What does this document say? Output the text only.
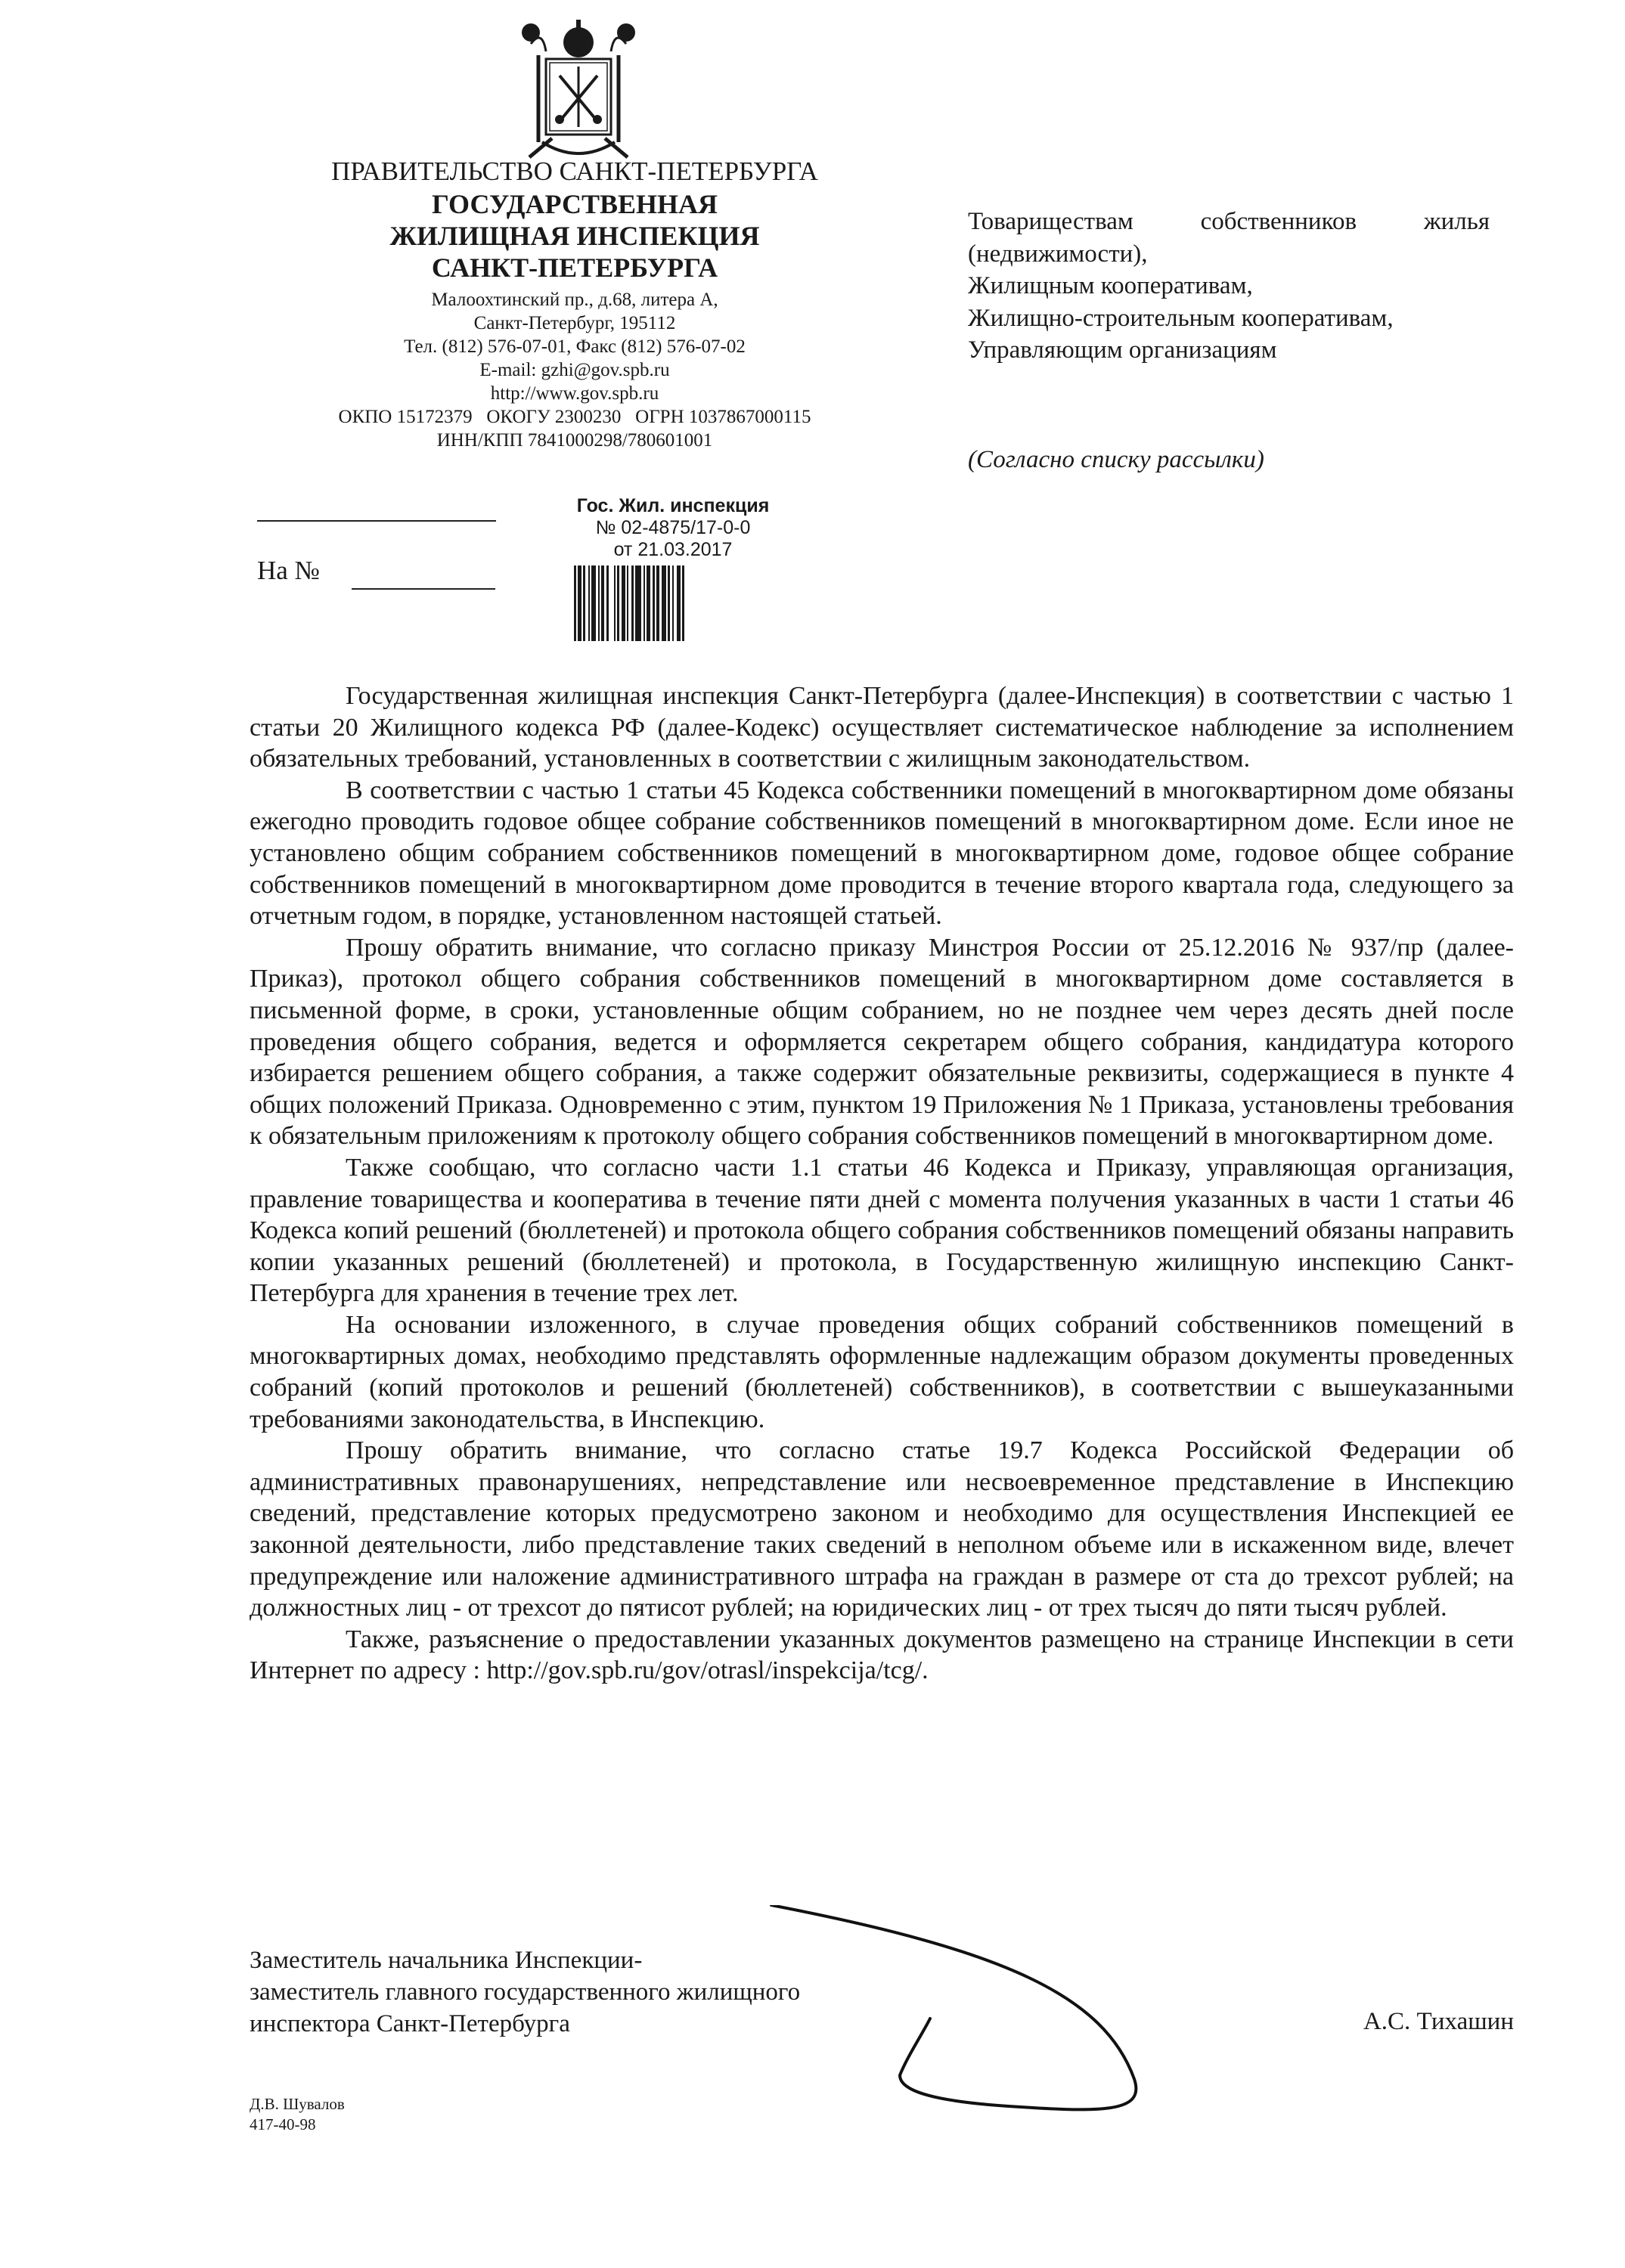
ПРАВИТЕЛЬСТВО САНКТ-ПЕТЕРБУРГА
ГОСУДАРСТВЕННАЯ
ЖИЛИЩНАЯ ИНСПЕКЦИЯ
САНКТ-ПЕТЕРБУРГА
Малоохтинский пр., д.68, литера А,
Санкт-Петербург, 195112
Тел. (812) 576-07-01, Факс (812) 576-07-02
E-mail: gzhi@gov.spb.ru
http://www.gov.spb.ru
ОКПО 15172379   ОКОГУ 2300230   ОГРН 1037867000115
ИНН/КПП 7841000298/780601001
Товариществам собственников жилья
(недвижимости),
Жилищным кооперативам,
Жилищно-строительным кооперативам,
Управляющим организациям
(Согласно списку рассылки)
На №
Гос. Жил. инспекция
№ 02-4875/17-0-0
от 21.03.2017

Государственная жилищная инспекция Санкт-Петербурга (далее-Инспекция) в соответствии с частью 1 статьи 20 Жилищного кодекса РФ (далее-Кодекс) осуществляет систематическое наблюдение за исполнением обязательных требований, установленных в соответствии с жилищным законодательством.

В соответствии с частью 1 статьи 45 Кодекса собственники помещений в многоквартирном доме обязаны ежегодно проводить годовое общее собрание собственников помещений в многоквартирном доме. Если иное не установлено общим собранием собственников помещений в многоквартирном доме, годовое общее собрание собственников помещений в многоквартирном доме проводится в течение второго квартала года, следующего за отчетным годом, в порядке, установленном настоящей статьей.

Прошу обратить внимание, что согласно приказу Минстроя России от 25.12.2016 № 937/пр (далее-Приказ), протокол общего собрания собственников помещений в многоквартирном доме составляется в письменной форме, в сроки, установленные общим собранием, но не позднее чем через десять дней после проведения общего собрания, ведется и оформляется секретарем общего собрания, кандидатура которого избирается решением общего собрания, а также содержит обязательные реквизиты, содержащиеся в пункте 4 общих положений Приказа. Одновременно с этим, пунктом 19 Приложения № 1 Приказа, установлены требования к обязательным приложениям к протоколу общего собрания собственников помещений в многоквартирном доме.

Также сообщаю, что согласно части 1.1 статьи 46 Кодекса и Приказу, управляющая организация, правление товарищества и кооператива в течение пяти дней с момента получения указанных в части 1 статьи 46 Кодекса копий решений (бюллетеней) и протокола общего собрания собственников помещений обязаны направить копии указанных решений (бюллетеней) и протокола, в Государственную жилищную инспекцию Санкт-Петербурга для хранения в течение трех лет.

На основании изложенного, в случае проведения общих собраний собственников помещений в многоквартирных домах, необходимо представлять оформленные надлежащим образом документы проведенных собраний (копий протоколов и решений (бюллетеней) собственников), в соответствии с вышеуказанными требованиями законодательства, в Инспекцию.

Прошу обратить внимание, что согласно статье 19.7 Кодекса Российской Федерации об административных правонарушениях, непредставление или несвоевременное представление в Инспекцию сведений, представление которых предусмотрено законом и необходимо для осуществления Инспекцией ее законной деятельности, либо представление таких сведений в неполном объеме или в искаженном виде, влечет предупреждение или наложение административного штрафа на граждан в размере от ста до трехсот рублей; на должностных лиц - от трехсот до пятисот рублей; на юридических лиц - от трех тысяч до пяти тысяч рублей.

Также, разъяснение о предоставлении указанных документов размещено на странице Инспекции в сети Интернет по адресу : http://gov.spb.ru/gov/otrasl/inspekcija/tcg/.

Заместитель начальника Инспекции-
заместитель главного государственного жилищного
инспектора Санкт-Петербурга	А.С. Тихашин
Д.В. Шувалов
417-40-98
